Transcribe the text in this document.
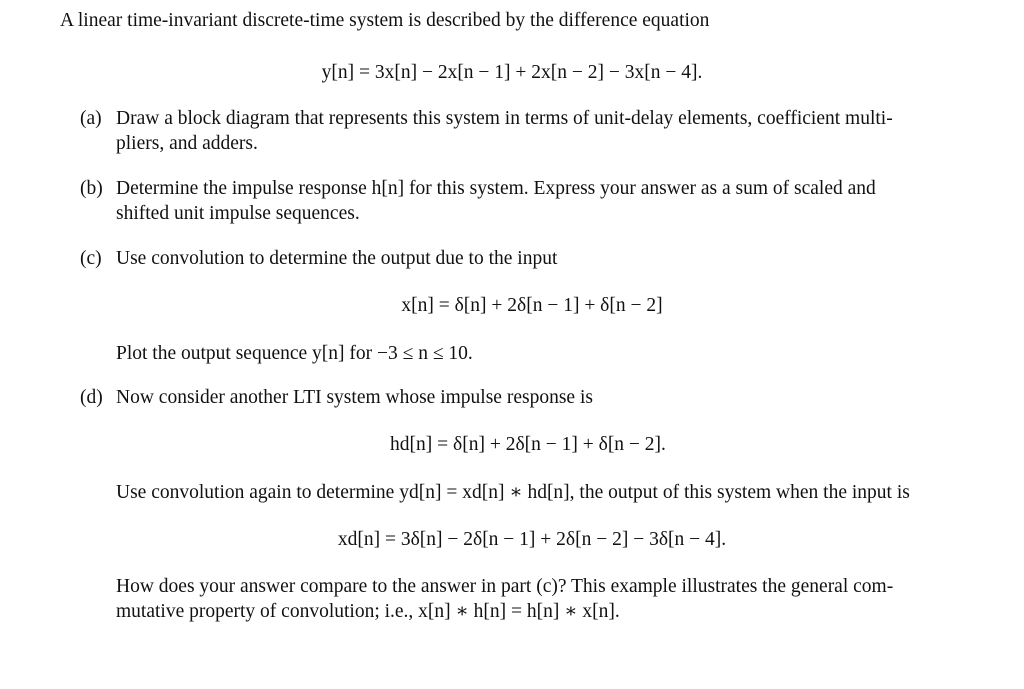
A linear time-invariant discrete-time system is described by the difference equation
y[n] = 3x[n] − 2x[n − 1] + 2x[n − 2] − 3x[n − 4].
(a) Draw a block diagram that represents this system in terms of unit-delay elements, coefficient multi-
pliers, and adders.
(b) Determine the impulse response h[n] for this system. Express your answer as a sum of scaled and
shifted unit impulse sequences.
(c) Use convolution to determine the output due to the input
x[n] = δ[n] + 2δ[n − 1] + δ[n − 2]
Plot the output sequence y[n] for −3 ≤ n ≤ 10.
(d) Now consider another LTI system whose impulse response is
hd[n] = δ[n] + 2δ[n − 1] + δ[n − 2].
Use convolution again to determine yd[n] = xd[n] ∗ hd[n], the output of this system when the input is
xd[n] = 3δ[n] − 2δ[n − 1] + 2δ[n − 2] − 3δ[n − 4].
How does your answer compare to the answer in part (c)? This example illustrates the general com-
mutative property of convolution; i.e., x[n] ∗ h[n] = h[n] ∗ x[n].
